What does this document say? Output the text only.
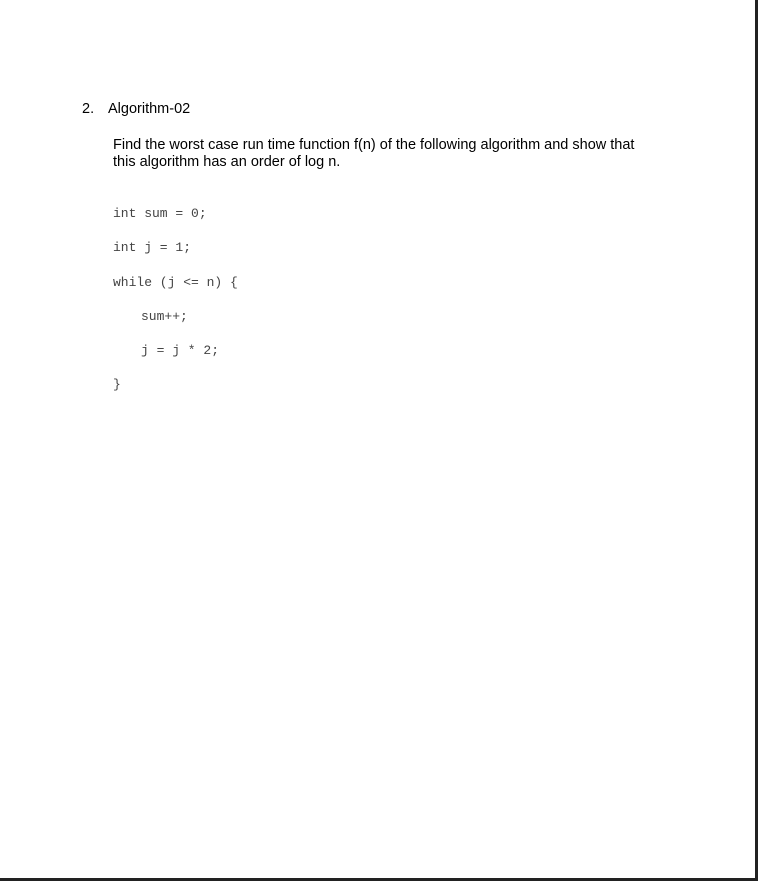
2. Algorithm-02
Find the worst case run time function f(n) of the following algorithm and show that
this algorithm has an order of log n.
int sum = 0;
int j = 1;
while (j <= n) {
sum++;
j = j * 2;
}
